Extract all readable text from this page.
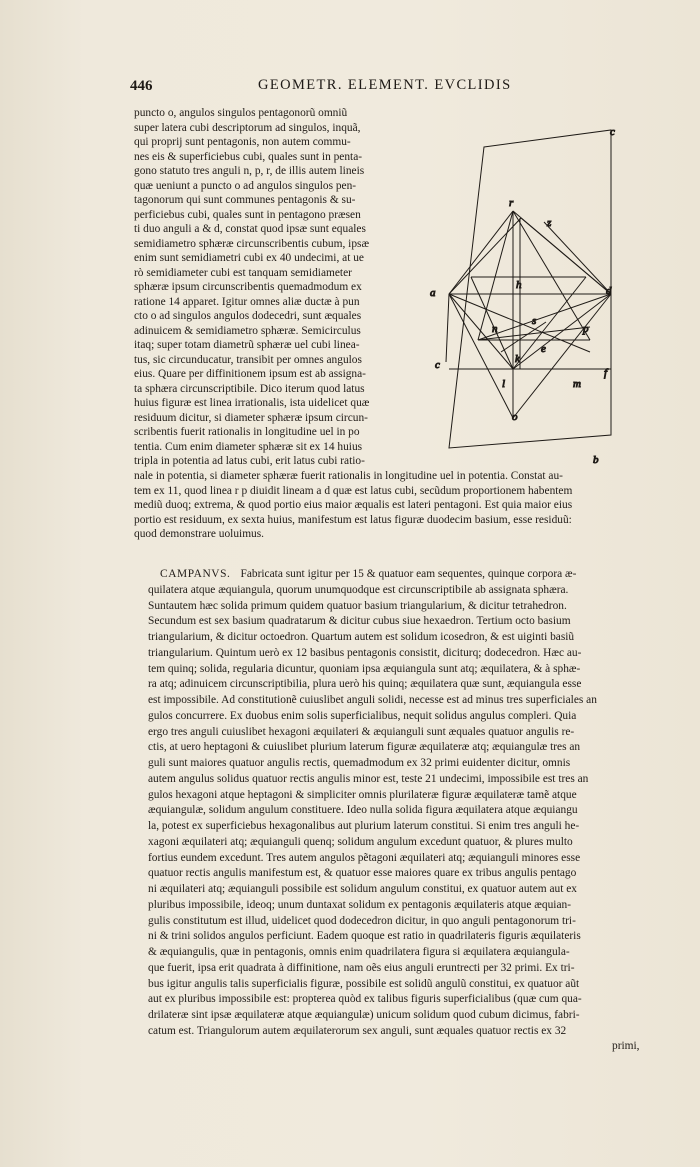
446	GEOMETR. ELEMENT. EVCLIDIS
puncto o, angulos singulos pentagonorũ omniũ
super latera cubi descriptorum ad singulos, inquã,
qui proprij sunt pentagonis, non autem commu-
nes eis & superficiebus cubi, quales sunt in penta-
gono statuto tres anguli n, p, r, de illis autem lineis
quæ ueniunt a puncto o ad angulos singulos pen-
tagonorum qui sunt communes pentagonis & su-
perficiebus cubi, quales sunt in pentagono præsen
ti duo anguli a & d, constat quod ipsæ sunt equales
semidiametro sphæræ circunscribentis cubum, ipsæ
enim sunt semidiametri cubi ex 40 undecimi, at ue
rò semidiameter cubi est tanquam semidiameter
sphæræ ipsum circunscribentis quemadmodum ex
ratione 14 apparet. Igitur omnes aliæ ductæ à pun
cto o ad singulos angulos dodecedri, sunt æquales
adinuicem & semidiametro sphæræ. Semicirculus
itaq; super totam diametrũ sphæræ uel cubi linea-
tus, sic circunducatur, transibit per omnes angulos
eius. Quare per diffinitionem ipsum est ab assigna-
ta sphæra circunscriptibile. Dico iterum quod latus
huius figuræ est linea irrationalis, ista uidelicet quæ
residuum dicitur, si diameter sphæræ ipsum circun-
scribentis fuerit rationalis in longitudine uel in po
tentia. Cum enim diameter sphæræ sit ex 14 huius
tripla in potentia ad latus cubi, erit latus cubi ratio-
nale in potentia, si diameter sphæræ fuerit rationalis in longitudine uel in potentia. Constat au-
tem ex 11, quod linea r p diuidit lineam a d quæ est latus cubi, secũdum proportionem habentem
mediũ duoq; extrema, & quod portio eius maior æqualis est lateri pentagoni. Est quia maior eius
portio est residuum, ex sexta huius, manifestum est latus figuræ duodecim basium, esse residuũ:
quod demonstrare uoluimus.
CAMPANVS. Fabricata sunt igitur per 15 & quatuor eam sequentes, quinque corpora æ-
quilatera atque æquiangula, quorum unumquodque est circunscriptibile ab assignata sphæra.
Suntautem hæc solida primum quidem quatuor basium triangularium, & dicitur tetrahedron.
Secundum est sex basium quadratarum & dicitur cubus siue hexaedron. Tertium octo basium
triangularium, & dicitur octoedron. Quartum autem est solidum icosedron, & est uiginti basiũ
triangularium. Quintum uerò ex 12 basibus pentagonis consistit, diciturq; dodecedron. Hæc au-
tem quinq; solida, regularia dicuntur, quoniam ipsa æquiangula sunt atq; æquilatera, & à sphæ-
ra atq; adinuicem circunscriptibilia, plura uerò his quinq; æquilatera quæ sunt, æquiangula esse
est impossibile. Ad constitutionẽ cuiuslibet anguli solidi, necesse est ad minus tres superficiales an
gulos concurrere. Ex duobus enim solis superficialibus, nequit solidus angulus compleri. Quia
ergo tres anguli cuiuslibet hexagoni æquilateri & æquianguli sunt æquales quatuor angulis re-
ctis, at uero heptagoni & cuiuslibet plurium laterum figuræ æquilateræ atq; æquiangulæ tres an
guli sunt maiores quatuor angulis rectis, quemadmodum ex 32 primi euidenter dicitur, omnis
autem angulus solidus quatuor rectis angulis minor est, teste 21 undecimi, impossibile est tres an
gulos hexagoni atque heptagoni & simpliciter omnis plurilateræ figuræ æquilateræ tamẽ atque
æquiangulæ, solidum angulum constituere. Ideo nulla solida figura æquilatera atque æquiangu
la, potest ex superficiebus hexagonalibus aut plurium laterum constitui. Si enim tres anguli he-
xagoni æquilateri atq; æquianguli quenq; solidum angulum excedunt quatuor, & plures multo
fortius eundem excedunt. Tres autem angulos pẽtagoni æquilateri atq; æquianguli minores esse
quatuor rectis angulis manifestum est, & quatuor esse maiores quare ex tribus angulis pentago
ni æquilateri atq; æquianguli possibile est solidum angulum constitui, ex quatuor autem aut ex
pluribus impossibile, ideoq; unum duntaxat solidum ex pentagonis æquilateris atque æquian-
gulis constitutum est illud, uidelicet quod dodecedron dicitur, in quo anguli pentagonorum tri-
ni & trini solidos angulos perficiunt. Eadem quoque est ratio in quadrilateris figuris æquilateris
& æquiangulis, quæ in pentagonis, omnis enim quadrilatera figura si æquilatera æquiangula-
que fuerit, ipsa erit quadrata à diffinitione, nam oẽs eius anguli eruntrecti per 32 primi. Ex tri-
bus igitur angulis talis superficialis figuræ, possibile est solidũ angulũ constitui, ex quatuor aũt
aut ex pluribus impossibile est: propterea quòd ex talibus figuris superficialibus (quæ cum qua-
drilateræ sint ipsæ æquilateræ atque æquiangulæ) unicum solidum quod cubum dicimus, fabri-
catum est. Triangulorum autem æquilaterorum sex anguli, sunt æquales quatuor rectis ex 32
primi,
c
r
z
a	d
h
n
s
p
k
c
f
l	m
o
b
e
